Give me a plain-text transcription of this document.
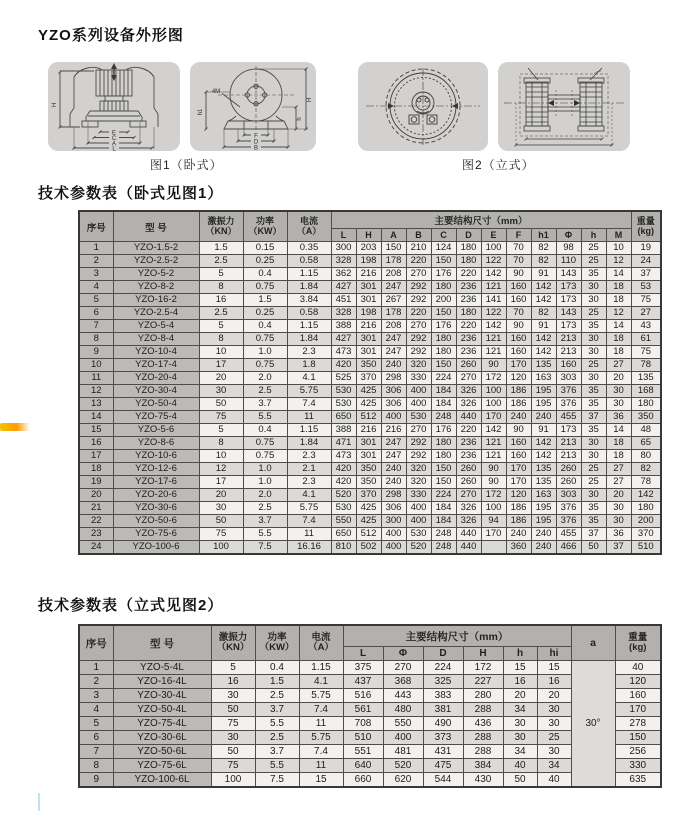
YZO系列设备外形图
H
E
C
A
L
h1
4M
F
D
B
H
h
图1（卧式）	图2（立式）
技术参数表（卧式见图1）
序号	型 号	激振力
（KN）	功率
（KW）	电流
（A）	主要结构尺寸（mm）												重量
(kg)

					L	H	A	B	C	D	E	F	h1	Φ	h	M	
1	YZO-1.5-2	1.5	0.15	0.35	300	203	150	210	124	180	100	70	82	98	25	10	19
2	YZO-2.5-2	2.5	0.25	0.58	328	198	178	220	150	180	122	70	82	110	25	12	24
3	YZO-5-2	5	0.4	1.15	362	216	208	270	176	220	142	90	91	143	35	14	37
4	YZO-8-2	8	0.75	1.84	427	301	247	292	180	236	121	160	142	173	30	18	53
5	YZO-16-2	16	1.5	3.84	451	301	267	292	200	236	141	160	142	173	30	18	75
6	YZO-2.5-4	2.5	0.25	0.58	328	198	178	220	150	180	122	70	82	143	25	12	27
7	YZO-5-4	5	0.4	1.15	388	216	208	270	176	220	142	90	91	173	35	14	43
8	YZO-8-4	8	0.75	1.84	427	301	247	292	180	236	121	160	142	213	30	18	61
9	YZO-10-4	10	1.0	2.3	473	301	247	292	180	236	121	160	142	213	30	18	75
10	YZO-17-4	17	0.75	1.8	420	350	240	320	150	260	90	170	135	160	25	27	78
11	YZO-20-4	20	2.0	4.1	525	370	298	330	224	270	172	120	163	303	30	20	135
12	YZO-30-4	30	2.5	5.75	530	425	306	400	184	326	100	186	195	376	35	30	168
13	YZO-50-4	50	3.7	7.4	530	425	306	400	184	326	100	186	195	376	35	30	180
14	YZO-75-4	75	5.5	11	650	512	400	530	248	440	170	240	240	455	37	36	350
15	YZO-5-6	5	0.4	1.15	388	216	216	270	176	220	142	90	91	173	35	14	48
16	YZO-8-6	8	0.75	1.84	471	301	247	292	180	236	121	160	142	213	30	18	65
17	YZO-10-6	10	0.75	2.3	473	301	247	292	180	236	121	160	142	213	30	18	80
18	YZO-12-6	12	1.0	2.1	420	350	240	320	150	260	90	170	135	260	25	27	82
19	YZO-17-6	17	1.0	2.3	420	350	240	320	150	260	90	170	135	260	25	27	78
20	YZO-20-6	20	2.0	4.1	520	370	298	330	224	270	172	120	163	303	30	20	142
21	YZO-30-6	30	2.5	5.75	530	425	306	400	184	326	100	186	195	376	35	30	180
22	YZO-50-6	50	3.7	7.4	550	425	300	400	184	326	94	186	195	376	35	30	200
23	YZO-75-6	75	5.5	11	650	512	400	530	248	440	170	240	240	455	37	36	370
24	YZO-100-6	100	7.5	16.16	810	502	400	520	248	440		360	240	466	50	37	510
技术参数表（立式见图2）
序号	型 号	激振力
（KN）	功率
（KW）	电流
（A）	主要结构尺寸（mm）						a	重量
(kg)

					L	Φ	D	H	h	hi		
1	YZO-5-4L	5	0.4	1.15	375	270	224	172	15	15	30°	40
2	YZO-16-4L	16	1.5	4.1	437	368	325	227	16	16		120
3	YZO-30-4L	30	2.5	5.75	516	443	383	280	20	20		160
4	YZO-50-4L	50	3.7	7.4	561	480	381	288	34	30		170
5	YZO-75-4L	75	5.5	11	708	550	490	436	30	30		278
6	YZO-30-6L	30	2.5	5.75	510	400	373	288	30	25		150
7	YZO-50-6L	50	3.7	7.4	551	481	431	288	34	30		256
8	YZO-75-6L	75	5.5	11	640	520	475	384	40	34		330
9	YZO-100-6L	100	7.5	15	660	620	544	430	50	40		635
